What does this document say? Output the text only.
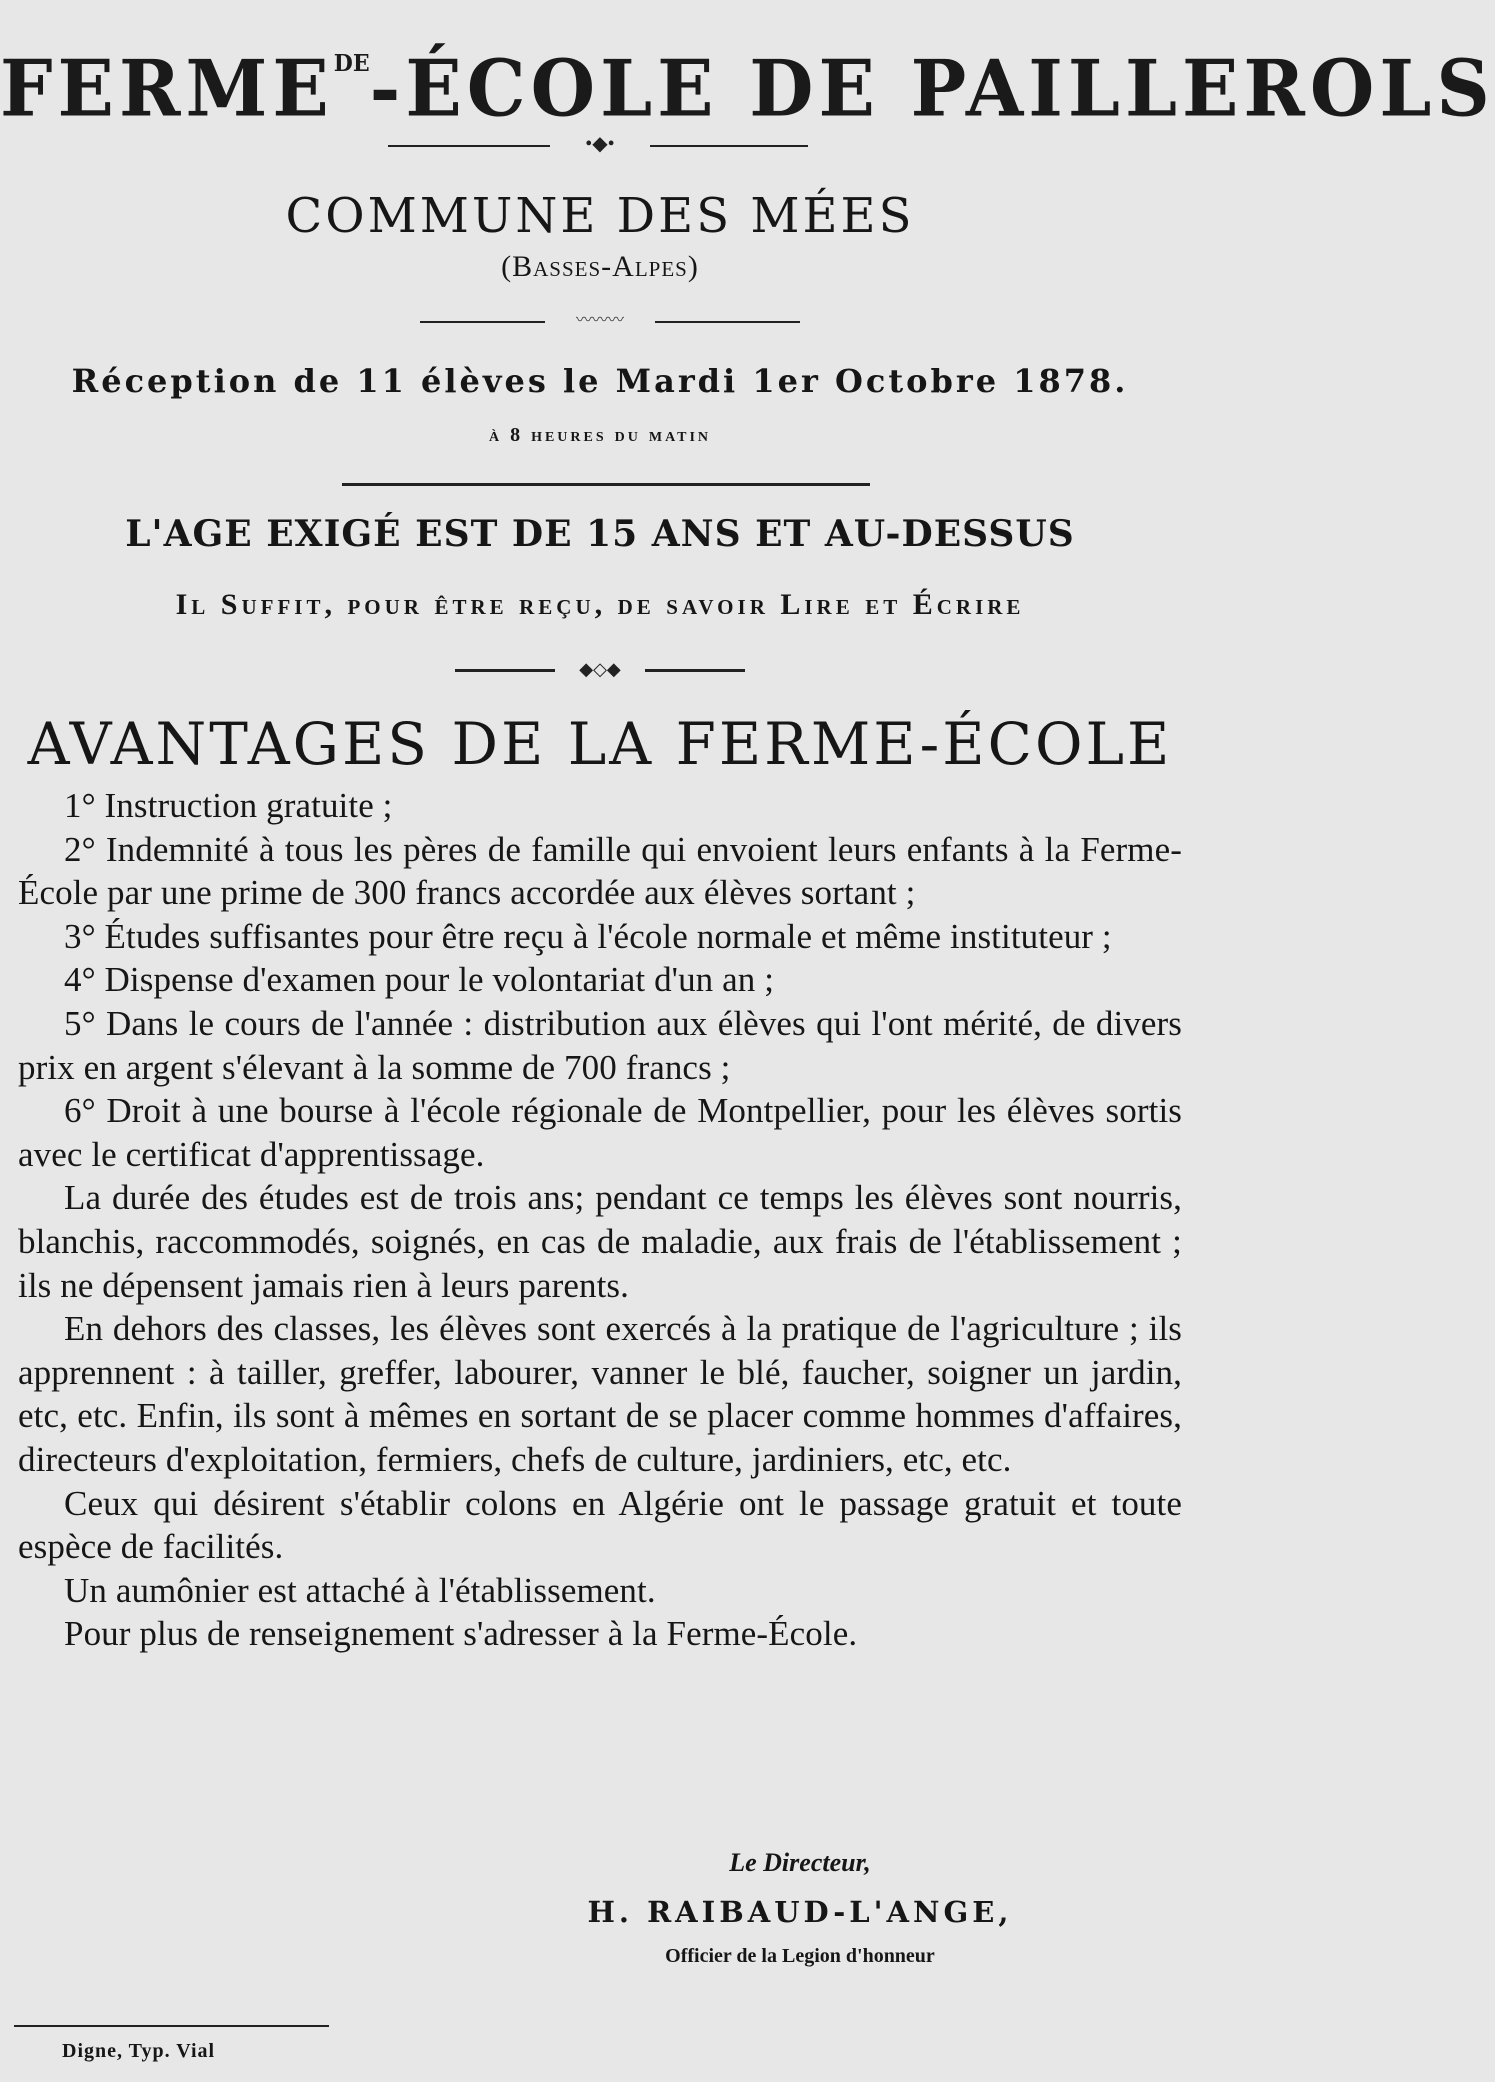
$FERME^{DE}$-ÉCOLE DE PAILLEROLS
•◆•
COMMUNE DES MÉES
(Basses-Alpes)
〰〰〰
Réception de 11 élèves le Mardi 1er Octobre 1878.
à 8 heures du matin
L'AGE EXIGÉ EST DE 15 ANS ET AU-DESSUS
Il Suffit, pour être reçu, de savoir Lire et Écrire
◆◇◆
AVANTAGES DE LA FERME-ÉCOLE

1° Instruction gratuite ;

2° Indemnité à tous les pères de famille qui envoient leurs enfants à la Ferme-École par une prime de 300 francs accordée aux élèves sortant ;

3° Études suffisantes pour être reçu à l'école normale et même instituteur ;

4° Dispense d'examen pour le volontariat d'un an ;

5° Dans le cours de l'année : distribution aux élèves qui l'ont mérité, de divers prix en argent s'élevant à la somme de 700 francs ;

6° Droit à une bourse à l'école régionale de Montpellier, pour les élèves sortis avec le certificat d'apprentissage.

La durée des études est de trois ans; pendant ce temps les élèves sont nourris, blanchis, raccommodés, soignés, en cas de maladie, aux frais de l'établissement ; ils ne dépensent jamais rien à leurs parents.

En dehors des classes, les élèves sont exercés à la pratique de l'agriculture ; ils apprennent : à tailler, greffer, labourer, vanner le blé, faucher, soigner un jardin, etc, etc. Enfin, ils sont à mêmes en sortant de se placer comme hommes d'affaires, directeurs d'exploitation, fermiers, chefs de culture, jardiniers, etc, etc.

Ceux qui désirent s'établir colons en Algérie ont le passage gratuit et toute espèce de facilités.

Un aumônier est attaché à l'établissement.

Pour plus de renseignement s'adresser à la Ferme-École.

Le Directeur,
H. RAIBAUD-L'ANGE,
Officier de la Legion d'honneur
Digne, Typ. Vial
